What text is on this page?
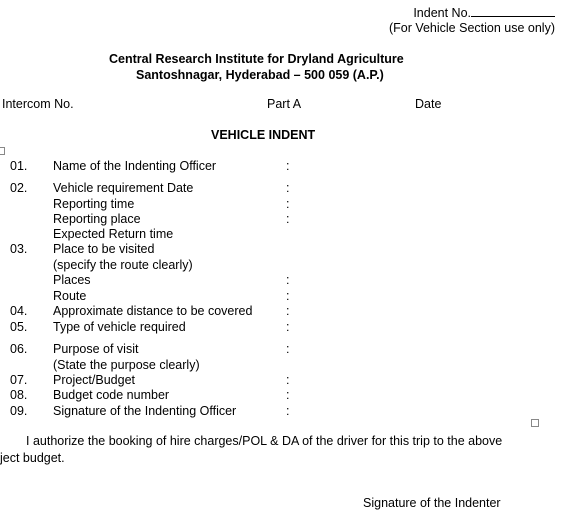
Indent No.
(For Vehicle Section use only)
Central Research Institute for Dryland Agriculture
Santoshnagar, Hyderabad – 500 059 (A.P.)
Intercom No.	Part A	Date
VEHICLE INDENT
01. Name of the Indenting Officer	:
02. Vehicle requirement Date	:
Reporting time	:
Reporting place	:
Expected Return time
03. Place to be visited
(specify the route clearly)
Places	:
Route	:
04. Approximate distance to be covered	:
05. Type of vehicle required	:
06. Purpose of visit	:
(State the purpose clearly)
07. Project/Budget	:
08. Budget code number	:
09. Signature of the Indenting Officer	:
I authorize the booking of hire charges/POL & DA of the driver for this trip to the above
ject budget.
Signature of the Indenter
